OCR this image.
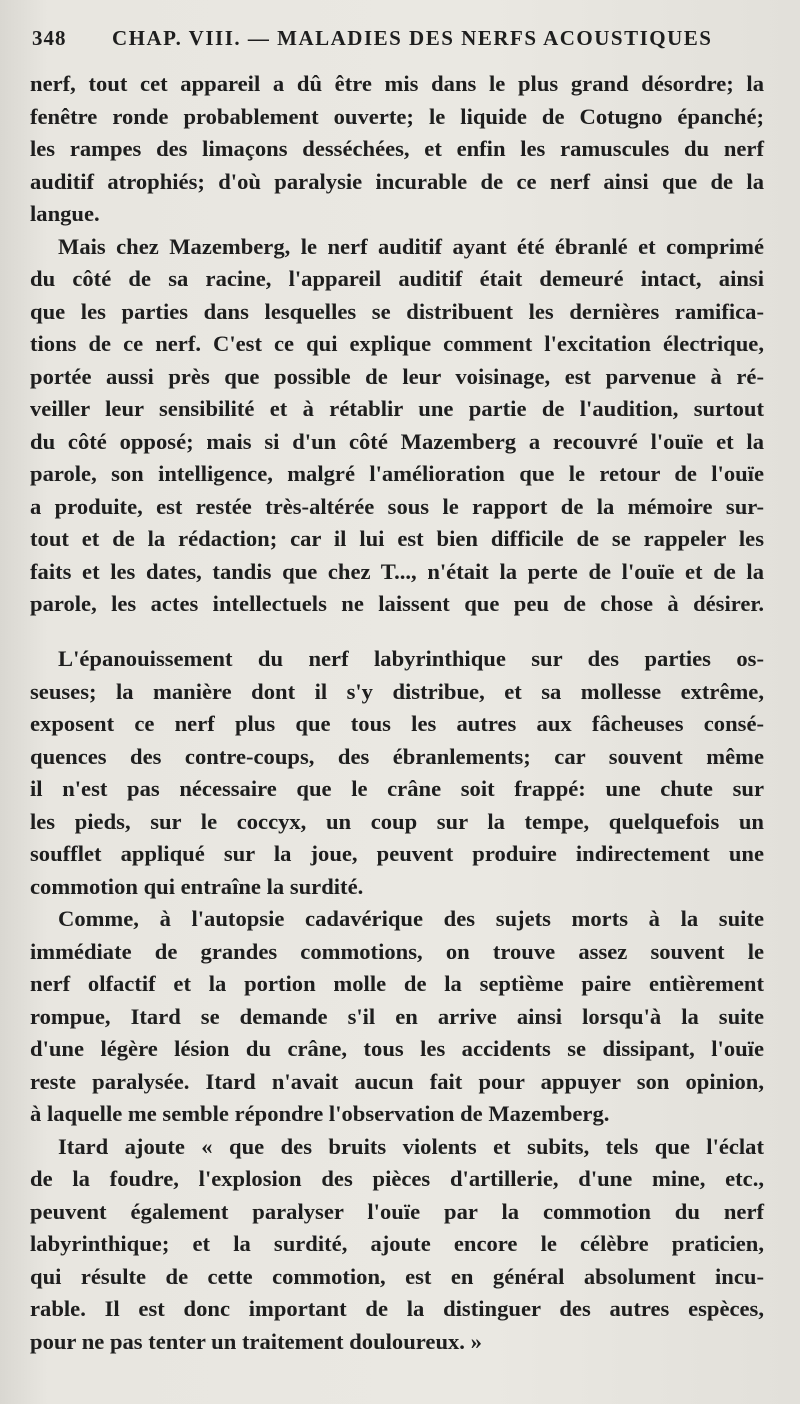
348 CHAP. VIII. — MALADIES DES NERFS ACOUSTIQUES
nerf, tout cet appareil a dû être mis dans le plus grand désordre; la
fenêtre ronde probablement ouverte; le liquide de Cotugno épanché;
les rampes des limaçons desséchées, et enfin les ramuscules du nerf
auditif atrophiés; d'où paralysie incurable de ce nerf ainsi que de la
langue.
Mais chez Mazemberg, le nerf auditif ayant été ébranlé et comprimé
du côté de sa racine, l'appareil auditif était demeuré intact, ainsi
que les parties dans lesquelles se distribuent les dernières ramifica-
tions de ce nerf. C'est ce qui explique comment l'excitation électrique,
portée aussi près que possible de leur voisinage, est parvenue à ré-
veiller leur sensibilité et à rétablir une partie de l'audition, surtout
du côté opposé; mais si d'un côté Mazemberg a recouvré l'ouïe et la
parole, son intelligence, malgré l'amélioration que le retour de l'ouïe
a produite, est restée très-altérée sous le rapport de la mémoire sur-
tout et de la rédaction; car il lui est bien difficile de se rappeler les
faits et les dates, tandis que chez T..., n'était la perte de l'ouïe et de la
parole, les actes intellectuels ne laissent que peu de chose à désirer.
L'épanouissement du nerf labyrinthique sur des parties os-
seuses; la manière dont il s'y distribue, et sa mollesse extrême,
exposent ce nerf plus que tous les autres aux fâcheuses consé-
quences des contre-coups, des ébranlements; car souvent même
il n'est pas nécessaire que le crâne soit frappé: une chute sur
les pieds, sur le coccyx, un coup sur la tempe, quelquefois un
soufflet appliqué sur la joue, peuvent produire indirectement une
commotion qui entraîne la surdité.
Comme, à l'autopsie cadavérique des sujets morts à la suite
immédiate de grandes commotions, on trouve assez souvent le
nerf olfactif et la portion molle de la septième paire entièrement
rompue, Itard se demande s'il en arrive ainsi lorsqu'à la suite
d'une légère lésion du crâne, tous les accidents se dissipant, l'ouïe
reste paralysée. Itard n'avait aucun fait pour appuyer son opinion,
à laquelle me semble répondre l'observation de Mazemberg.
Itard ajoute « que des bruits violents et subits, tels que l'éclat
de la foudre, l'explosion des pièces d'artillerie, d'une mine, etc.,
peuvent également paralyser l'ouïe par la commotion du nerf
labyrinthique; et la surdité, ajoute encore le célèbre praticien,
qui résulte de cette commotion, est en général absolument incu-
rable. Il est donc important de la distinguer des autres espèces,
pour ne pas tenter un traitement douloureux. »
